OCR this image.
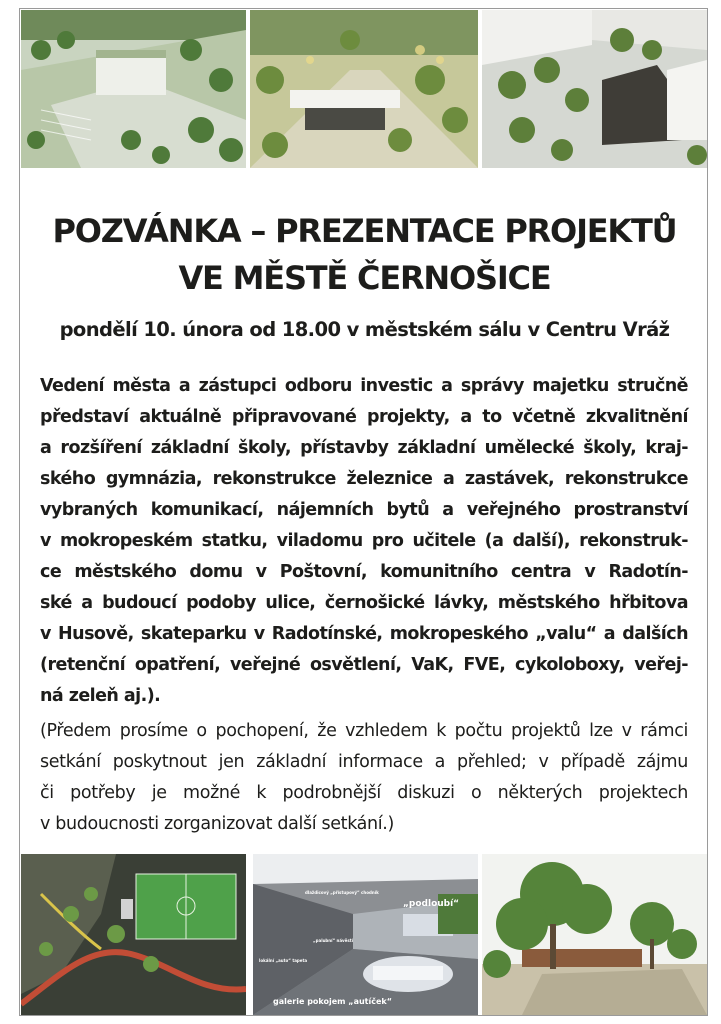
POZVÁNKA – PREZENTACE PROJEKTŮ
VE MĚSTĚ ČERNOŠICE
pondělí 10. února od 18.00 v městském sálu v Centru Vráž
Vedení města a zástupci odboru investic a správy majetku stručně
představí aktuálně připravované projekty, a to včetně zkvalitnění
a rozšíření základní školy, přístavby základní umělecké školy, kraj-
ského gymnázia, rekonstrukce železnice a zastávek, rekonstrukce
vybraných komunikací, nájemních bytů a veřejného prostranství
v mokropeském statku, viladomu pro učitele (a další), rekonstruk-
ce městského domu v Poštovní, komunitního centra v Radotín-
ské a budoucí podoby ulice, černošické lávky, městského hřbitova
v Husově, skateparku v Radotínské, mokropeského „valu“ a dalších
(retenční opatření, veřejné osvětlení, VaK, FVE, cykoloboxy, veřej-
ná zeleň aj.).
(Předem prosíme o pochopení, že vzhledem k počtu projektů lze v rámci
setkání poskytnout jen základní informace a přehled; v případě zájmu
či potřeby je možné k podrobnější diskuzi o některých projektech
v budoucnosti zorganizovat další setkání.)
„podloubí“
galerie pokojem „autíček“
dlaždicový „přístupový“ chodník
lokální „auto“ tapeta
„palubní“ návěstí
